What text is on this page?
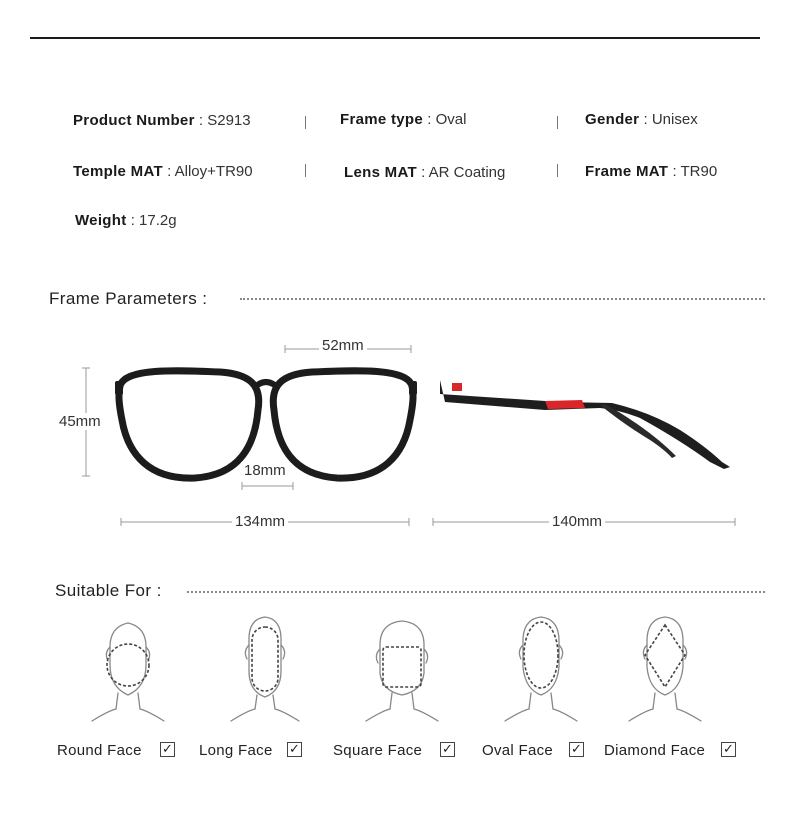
Product Number : S2913	Frame type : Oval	Gender : Unisex
Temple MAT : Alloy+TR90	Lens MAT : AR Coating	Frame MAT : TR90
Weight : 17.2g
Frame Parameters :
52mm
45mm
18mm
134mm	140mm
Suitable For :
Round Face ✓ Long Face ✓ Square Face ✓ Oval Face ✓ Diamond Face ✓
